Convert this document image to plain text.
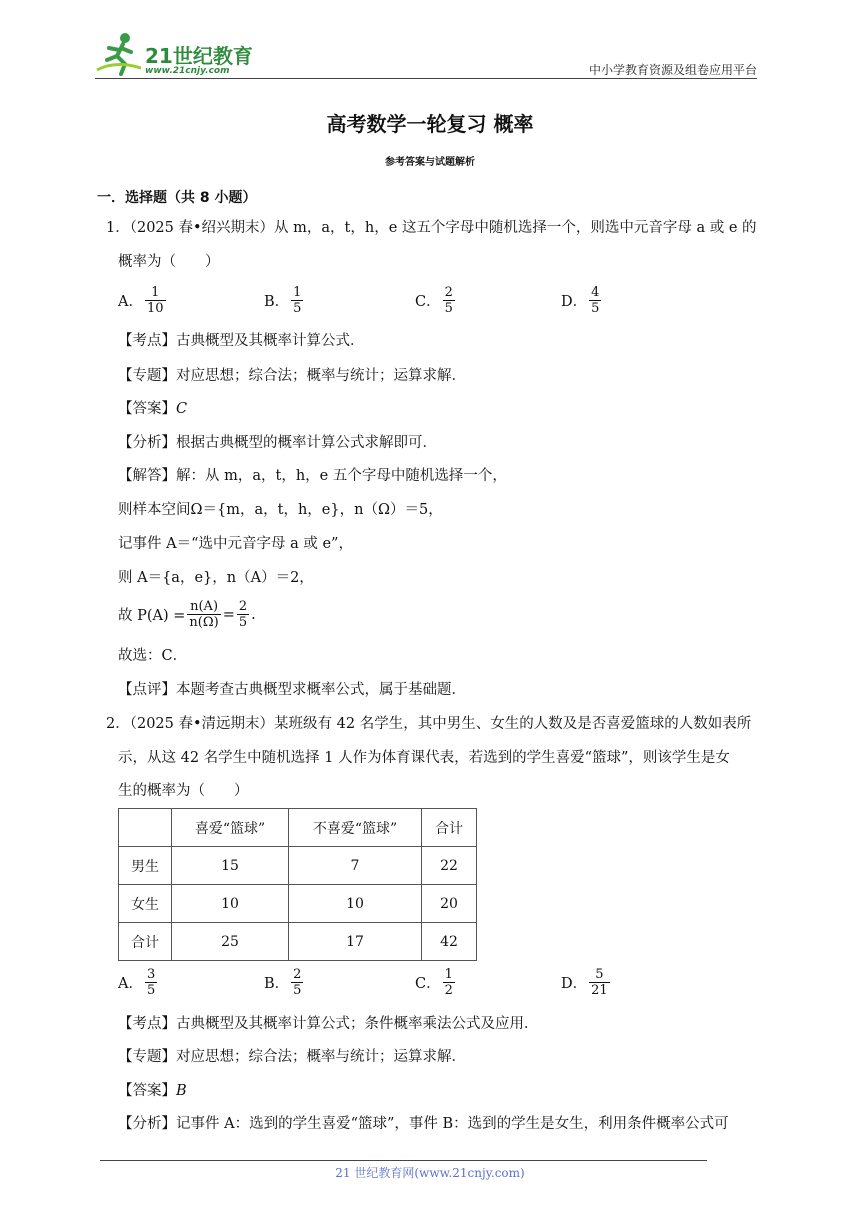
21世纪教育
www.21cnjy.com	中小学教育资源及组卷应用平台
高考数学一轮复习 概率
参考答案与试题解析
一．选择题（共 8 小题）
1．（2025 春•绍兴期末）从 m，a，t，h，e 这五个字母中随机选择一个，则选中元音字母 a 或 e 的
概率为（　　）
A． $\frac{1}{10}$	B． $\frac{1}{5}$	C． $\frac{2}{5}$	D． $\frac{4}{5}$
【考点】古典概型及其概率计算公式．
【专题】对应思想；综合法；概率与统计；运算求解．
【答案】C
【分析】根据古典概型的概率计算公式求解即可．
【解答】解：从 m，a，t，h，e 五个字母中随机选择一个，
则样本空间Ω＝{m，a，t，h，e}，n（Ω）＝5，
记事件 A＝“选中元音字母 a 或 e”，
则 A＝{a，e}，n（A）＝2，
故 $P(A) = \frac{n(A)}{n(\Omega)} = \frac{2}{5}$ .
故选：C．
【点评】本题考查古典概型求概率公式，属于基础题．
2．（2025 春•清远期末）某班级有 42 名学生，其中男生、女生的人数及是否喜爱篮球的人数如表所
示，从这 42 名学生中随机选择 1 人作为体育课代表，若选到的学生喜爱“篮球”，则该学生是女
生的概率为（　　）
	喜爱“篮球”	不喜爱“篮球”	合计
男生	15	7	22
女生	10	10	20
合计	25	17	42
A． $\frac{3}{5}$	B． $\frac{2}{5}$	C． $\frac{1}{2}$	D． $\frac{5}{21}$
【考点】古典概型及其概率计算公式；条件概率乘法公式及应用．
【专题】对应思想；综合法；概率与统计；运算求解．
【答案】B
【分析】记事件 A：选到的学生喜爱“篮球”，事件 B：选到的学生是女生，利用条件概率公式可
21 世纪教育网(www.21cnjy.com)
